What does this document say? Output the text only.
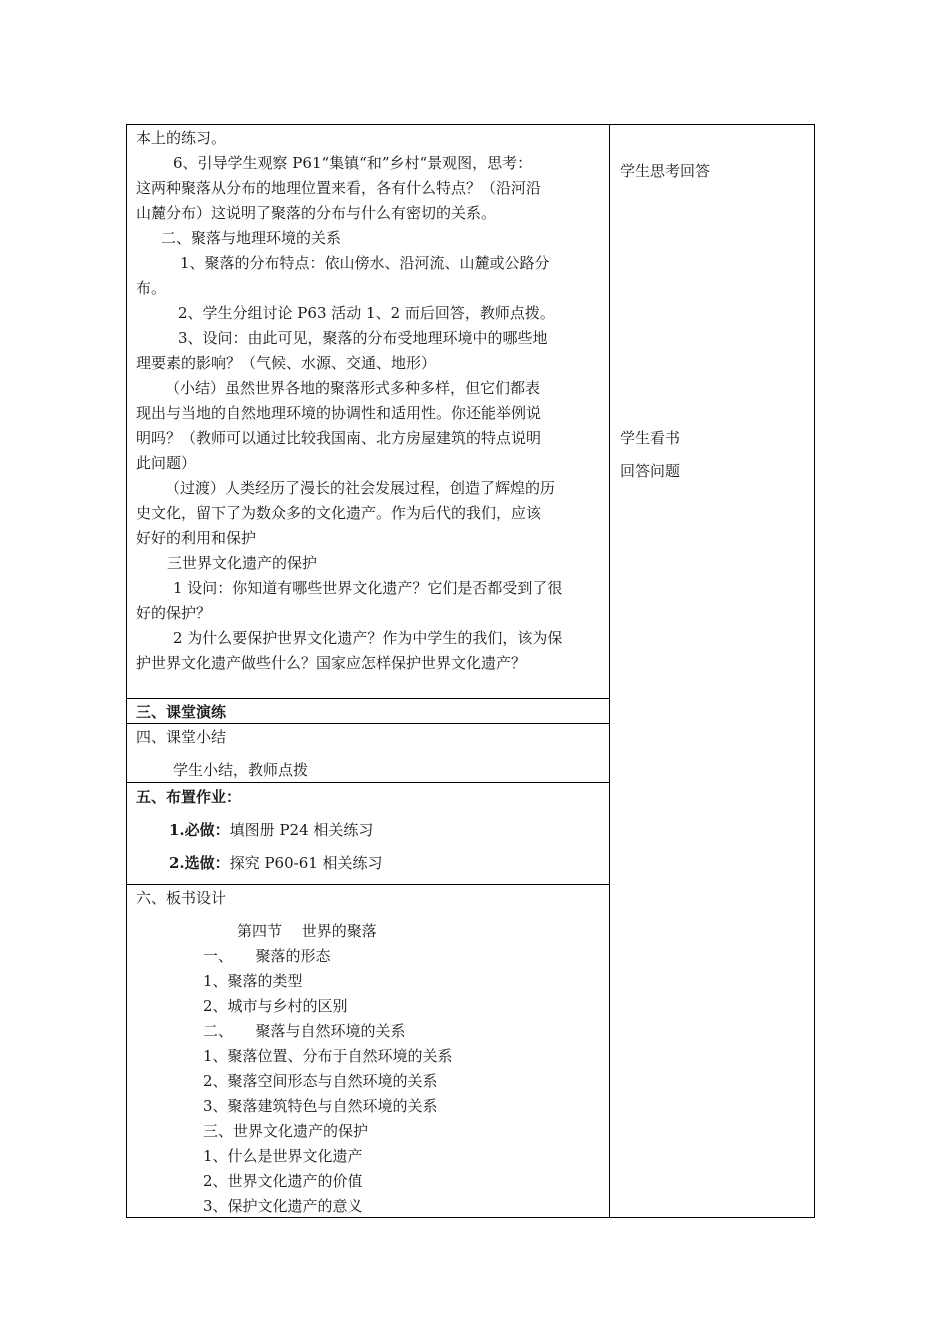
本上的练习。
6、引导学生观察 P61“集镇“和”乡村“景观图，思考：
这两种聚落从分布的地理位置来看，各有什么特点？（沿河沿
山麓分布）这说明了聚落的分布与什么有密切的关系。
二、聚落与地理环境的关系
1、聚落的分布特点：依山傍水、沿河流、山麓或公路分
布。
2、学生分组讨论 P63 活动 1、2 而后回答，教师点拨。
3、设问：由此可见，聚落的分布受地理环境中的哪些地
理要素的影响？（气候、水源、交通、地形）
（小结）虽然世界各地的聚落形式多种多样，但它们都表
现出与当地的自然地理环境的协调性和适用性。你还能举例说
明吗？（教师可以通过比较我国南、北方房屋建筑的特点说明
此问题）
（过渡）人类经历了漫长的社会发展过程，创造了辉煌的历
史文化，留下了为数众多的文化遗产。作为后代的我们，应该
好好的利用和保护
三世界文化遗产的保护
1 设问：你知道有哪些世界文化遗产？它们是否都受到了很
好的保护？
2 为什么要保护世界文化遗产？作为中学生的我们，该为保
护世界文化遗产做些什么？国家应怎样保护世界文化遗产？
学生思考回答
学生看书
回答问题
三、课堂演练
四、课堂小结
学生小结，教师点拨
五、布置作业：
1.必做：填图册 P24 相关练习
2.选做：探究 P60-61 相关练习
六、板书设计
第四节　 世界的聚落
一、　　聚落的形态
1、聚落的类型
2、城市与乡村的区别
二、　　聚落与自然环境的关系
1、聚落位置、分布于自然环境的关系
2、聚落空间形态与自然环境的关系
3、聚落建筑特色与自然环境的关系
三、世界文化遗产的保护
1、什么是世界文化遗产
2、世界文化遗产的价值
3、保护文化遗产的意义
